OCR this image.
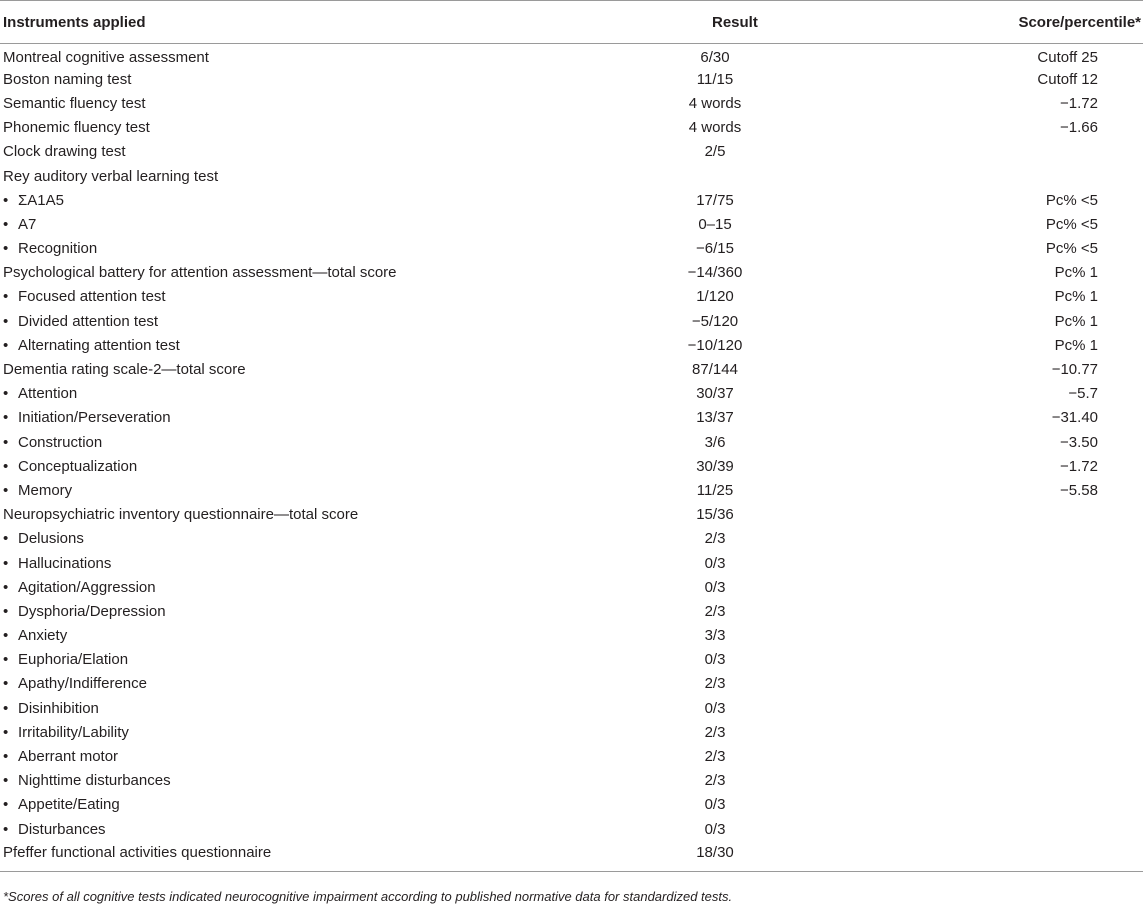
Instruments applied	Result	Score/percentile*
Montreal cognitive assessment	6/30	Cutoff 25
Boston naming test	11/15	Cutoff 12
Semantic fluency test	4 words	−1.72
Phonemic fluency test	4 words	−1.66
Clock drawing test	2/5	
Rey auditory verbal learning test		
• ΣA1A5	17/75	Pc% <5
• A7	0–15	Pc% <5
• Recognition	−6/15	Pc% <5
Psychological battery for attention assessment—total score	−14/360	Pc% 1
• Focused attention test	1/120	Pc% 1
• Divided attention test	−5/120	Pc% 1
• Alternating attention test	−10/120	Pc% 1
Dementia rating scale-2—total score	87/144	−10.77
• Attention	30/37	−5.7
• Initiation/Perseveration	13/37	−31.40
• Construction	3/6	−3.50
• Conceptualization	30/39	−1.72
• Memory	11/25	−5.58
Neuropsychiatric inventory questionnaire—total score	15/36	
• Delusions	2/3	
• Hallucinations	0/3	
• Agitation/Aggression	0/3	
• Dysphoria/Depression	2/3	
• Anxiety	3/3	
• Euphoria/Elation	0/3	
• Apathy/Indifference	2/3	
• Disinhibition	0/3	
• Irritability/Lability	2/3	
• Aberrant motor	2/3	
• Nighttime disturbances	2/3	
• Appetite/Eating	0/3	
• Disturbances	0/3	
Pfeffer functional activities questionnaire	18/30	
*Scores of all cognitive tests indicated neurocognitive impairment according to published normative data for standardized tests.
